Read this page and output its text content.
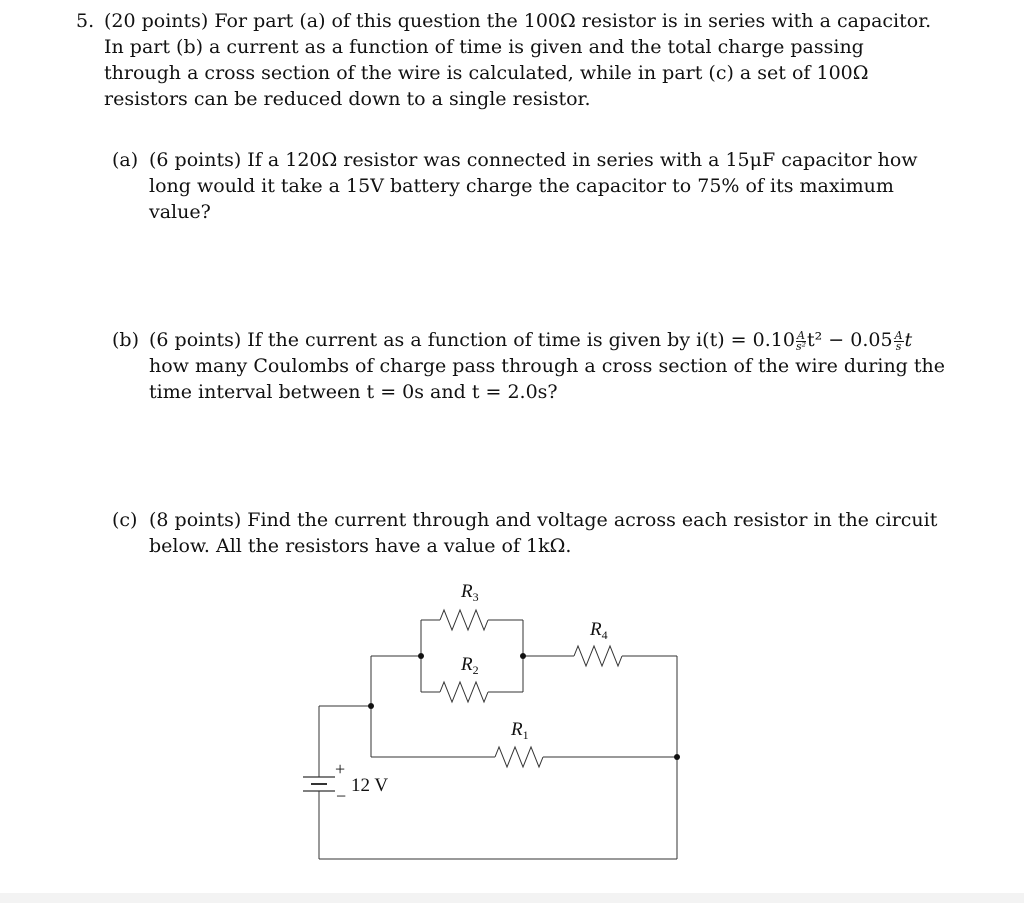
5. (20 points) For part (a) of this question the 100Ω resistor is in series with a capacitor.
In part (b) a current as a function of time is given and the total charge passing
through a cross section of the wire is calculated, while in part (c) a set of 100Ω
resistors can be reduced down to a single resistor.
(a) (6 points) If a 120Ω resistor was connected in series with a 15μF capacitor how
long would it take a 15V battery charge the capacitor to 75% of its maximum
value?
(b) (6 points) If the current as a function of time is given by $i(t) = 0.10 \frac{A}{\text{s²}} t^2 - 0.05 \frac{A}{s}$ t
how many Coulombs of charge pass through a cross section of the wire during the
time interval between t = 0s and t = 2.0s?
(c) (8 points) Find the current through and voltage across each resistor in the circuit
below. All the resistors have a value of 1kΩ.
$R_3$
$R_2$
$R_4$
$R_1$
+
− 12 V
